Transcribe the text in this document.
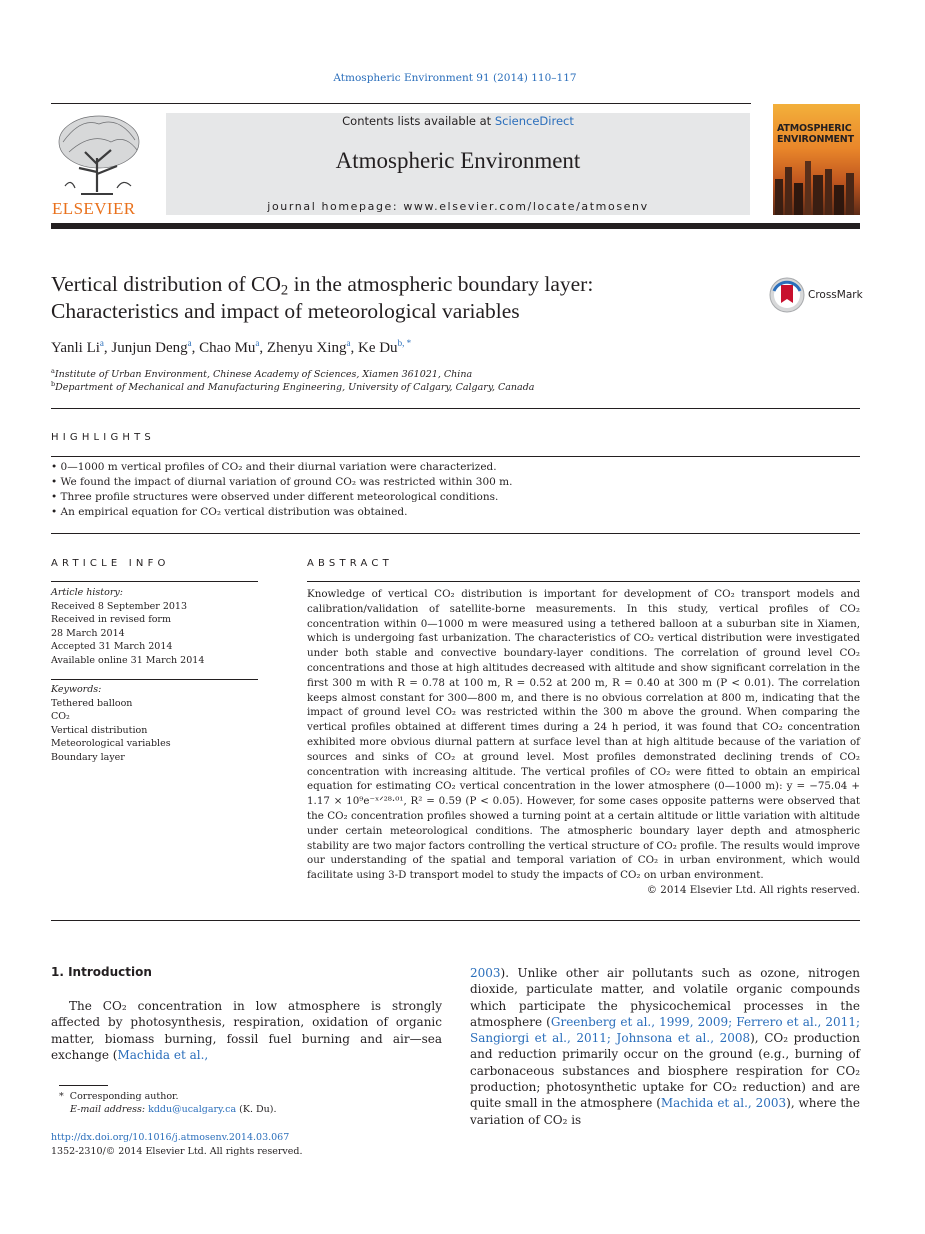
Atmospheric Environment 91 (2014) 110–117
ELSEVIER
Contents lists available at ScienceDirect
Atmospheric Environment
journal homepage: www.elsevier.com/locate/atmosenv
ATMOSPHERIC
ENVIRONMENT
Vertical distribution of $CO_2$ in the atmospheric boundary layer:
Characteristics and impact of meteorological variables
CrossMark
Yanli Li$^a$, Junjun Deng$^a$, Chao Mu$^a$, Zhenyu Xing$^a$, Ke $Du^{b, *}$
$^a$Institute of Urban Environment, Chinese Academy of Sciences, Xiamen 361021, China
$^b$Department of Mechanical and Manufacturing Engineering, University of Calgary, Calgary, Canada
HIGHLIGHTS
• 0—1000 m vertical profiles of CO₂ and their diurnal variation were characterized.
• We found the impact of diurnal variation of ground CO₂ was restricted within 300 m.
• Three profile structures were observed under different meteorological conditions.
• An empirical equation for CO₂ vertical distribution was obtained.
ARTICLE INFO
Article history:
Received 8 September 2013
Received in revised form
28 March 2014
Accepted 31 March 2014
Available online 31 March 2014
Keywords:
Tethered balloon
CO₂
Vertical distribution
Meteorological variables
Boundary layer
ABSTRACT
Knowledge of vertical CO₂ distribution is important for development of CO₂ transport models and calibration/validation of satellite-borne measurements. In this study, vertical profiles of CO₂ concentration within 0—1000 m were measured using a tethered balloon at a suburban site in Xiamen, which is undergoing fast urbanization. The characteristics of CO₂ vertical distribution were investigated under both stable and convective boundary-layer conditions. The correlation of ground level CO₂ concentrations and those at high altitudes decreased with altitude and show significant correlation in the first 300 m with R = 0.78 at 100 m, R = 0.52 at 200 m, R = 0.40 at 300 m (P < 0.01). The correlation keeps almost constant for 300—800 m, and there is no obvious correlation at 800 m, indicating that the impact of ground level CO₂ was restricted within the 300 m above the ground. When comparing the vertical profiles obtained at different times during a 24 h period, it was found that CO₂ concentration exhibited more obvious diurnal pattern at surface level than at high altitude because of the variation of sources and sinks of CO₂ at ground level. Most profiles demonstrated declining trends of CO₂ concentration with increasing altitude. The vertical profiles of CO₂ were fitted to obtain an empirical equation for estimating CO₂ vertical concentration in the lower atmosphere (0—1000 m): y = −75.04 + 1.17 × 10⁹e⁻ˣᐟ²⁸·⁰¹, R² = 0.59 (P < 0.05). However, for some cases opposite patterns were observed that the CO₂ concentration profiles showed a turning point at a certain altitude or little variation with altitude under certain meteorological conditions. The atmospheric boundary layer depth and atmospheric stability are two major factors controlling the vertical structure of CO₂ profile. The results would improve our understanding of the spatial and temporal variation of CO₂ in urban environment, which would facilitate using 3-D transport model to study the impacts of CO₂ on urban environment.
© 2014 Elsevier Ltd. All rights reserved.
1. Introduction
The CO₂ concentration in low atmosphere is strongly affected by photosynthesis, respiration, oxidation of organic matter, biomass burning, fossil fuel burning and air—sea exchange (Machida et al.,
2003). Unlike other air pollutants such as ozone, nitrogen dioxide, particulate matter, and volatile organic compounds which participate the physicochemical processes in the atmosphere (Greenberg et al., 1999, 2009; Ferrero et al., 2011; Sangiorgi et al., 2011; Johnsona et al., 2008), CO₂ production and reduction primarily occur on the ground (e.g., burning of carbonaceous substances and biosphere respiration for CO₂ production; photosynthetic uptake for CO₂ reduction) and are quite small in the atmosphere (Machida et al., 2003), where the variation of CO₂ is
*  Corresponding author.
E-mail address: kddu@ucalgary.ca (K. Du).
http://dx.doi.org/10.1016/j.atmosenv.2014.03.067
1352-2310/© 2014 Elsevier Ltd. All rights reserved.
